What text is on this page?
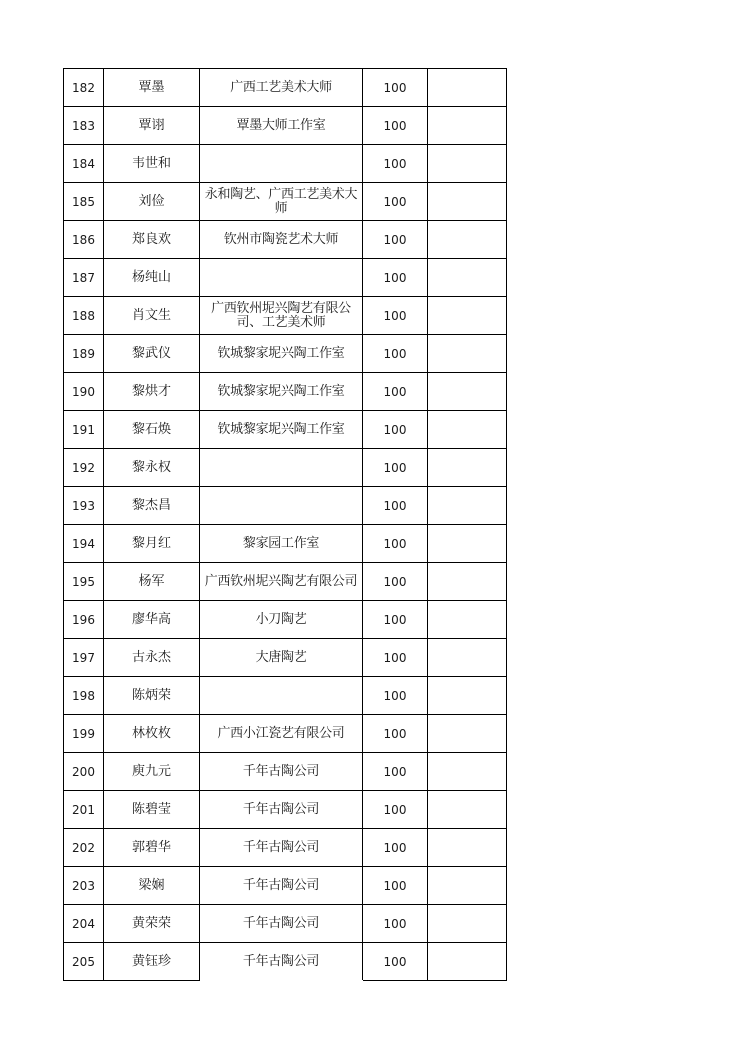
182	覃墨	广西工艺美术大师	100	
183	覃诩	覃墨大师工作室	100	
184	韦世和		100	
185	刘俭	永和陶艺、广西工艺美术大师	100	
186	郑良欢	钦州市陶瓷艺术大师	100	
187	杨纯山		100	
188	肖文生	广西钦州坭兴陶艺有限公司、工艺美术师	100	
189	黎武仪	钦城黎家坭兴陶工作室	100	
190	黎烘才	钦城黎家坭兴陶工作室	100	
191	黎石焕	钦城黎家坭兴陶工作室	100	
192	黎永权		100	
193	黎杰昌		100	
194	黎月红	黎家园工作室	100	
195	杨军	广西钦州坭兴陶艺有限公司	100	
196	廖华高	小刀陶艺	100	
197	古永杰	大唐陶艺	100	
198	陈炳荣		100	
199	林枚枚	广西小江瓷艺有限公司	100	
200	庾九元	千年古陶公司	100	
201	陈碧莹	千年古陶公司	100	
202	郭碧华	千年古陶公司	100	
203	梁娴	千年古陶公司	100	
204	黄荣荣	千年古陶公司	100	
205	黄钰珍	千年古陶公司	100	
